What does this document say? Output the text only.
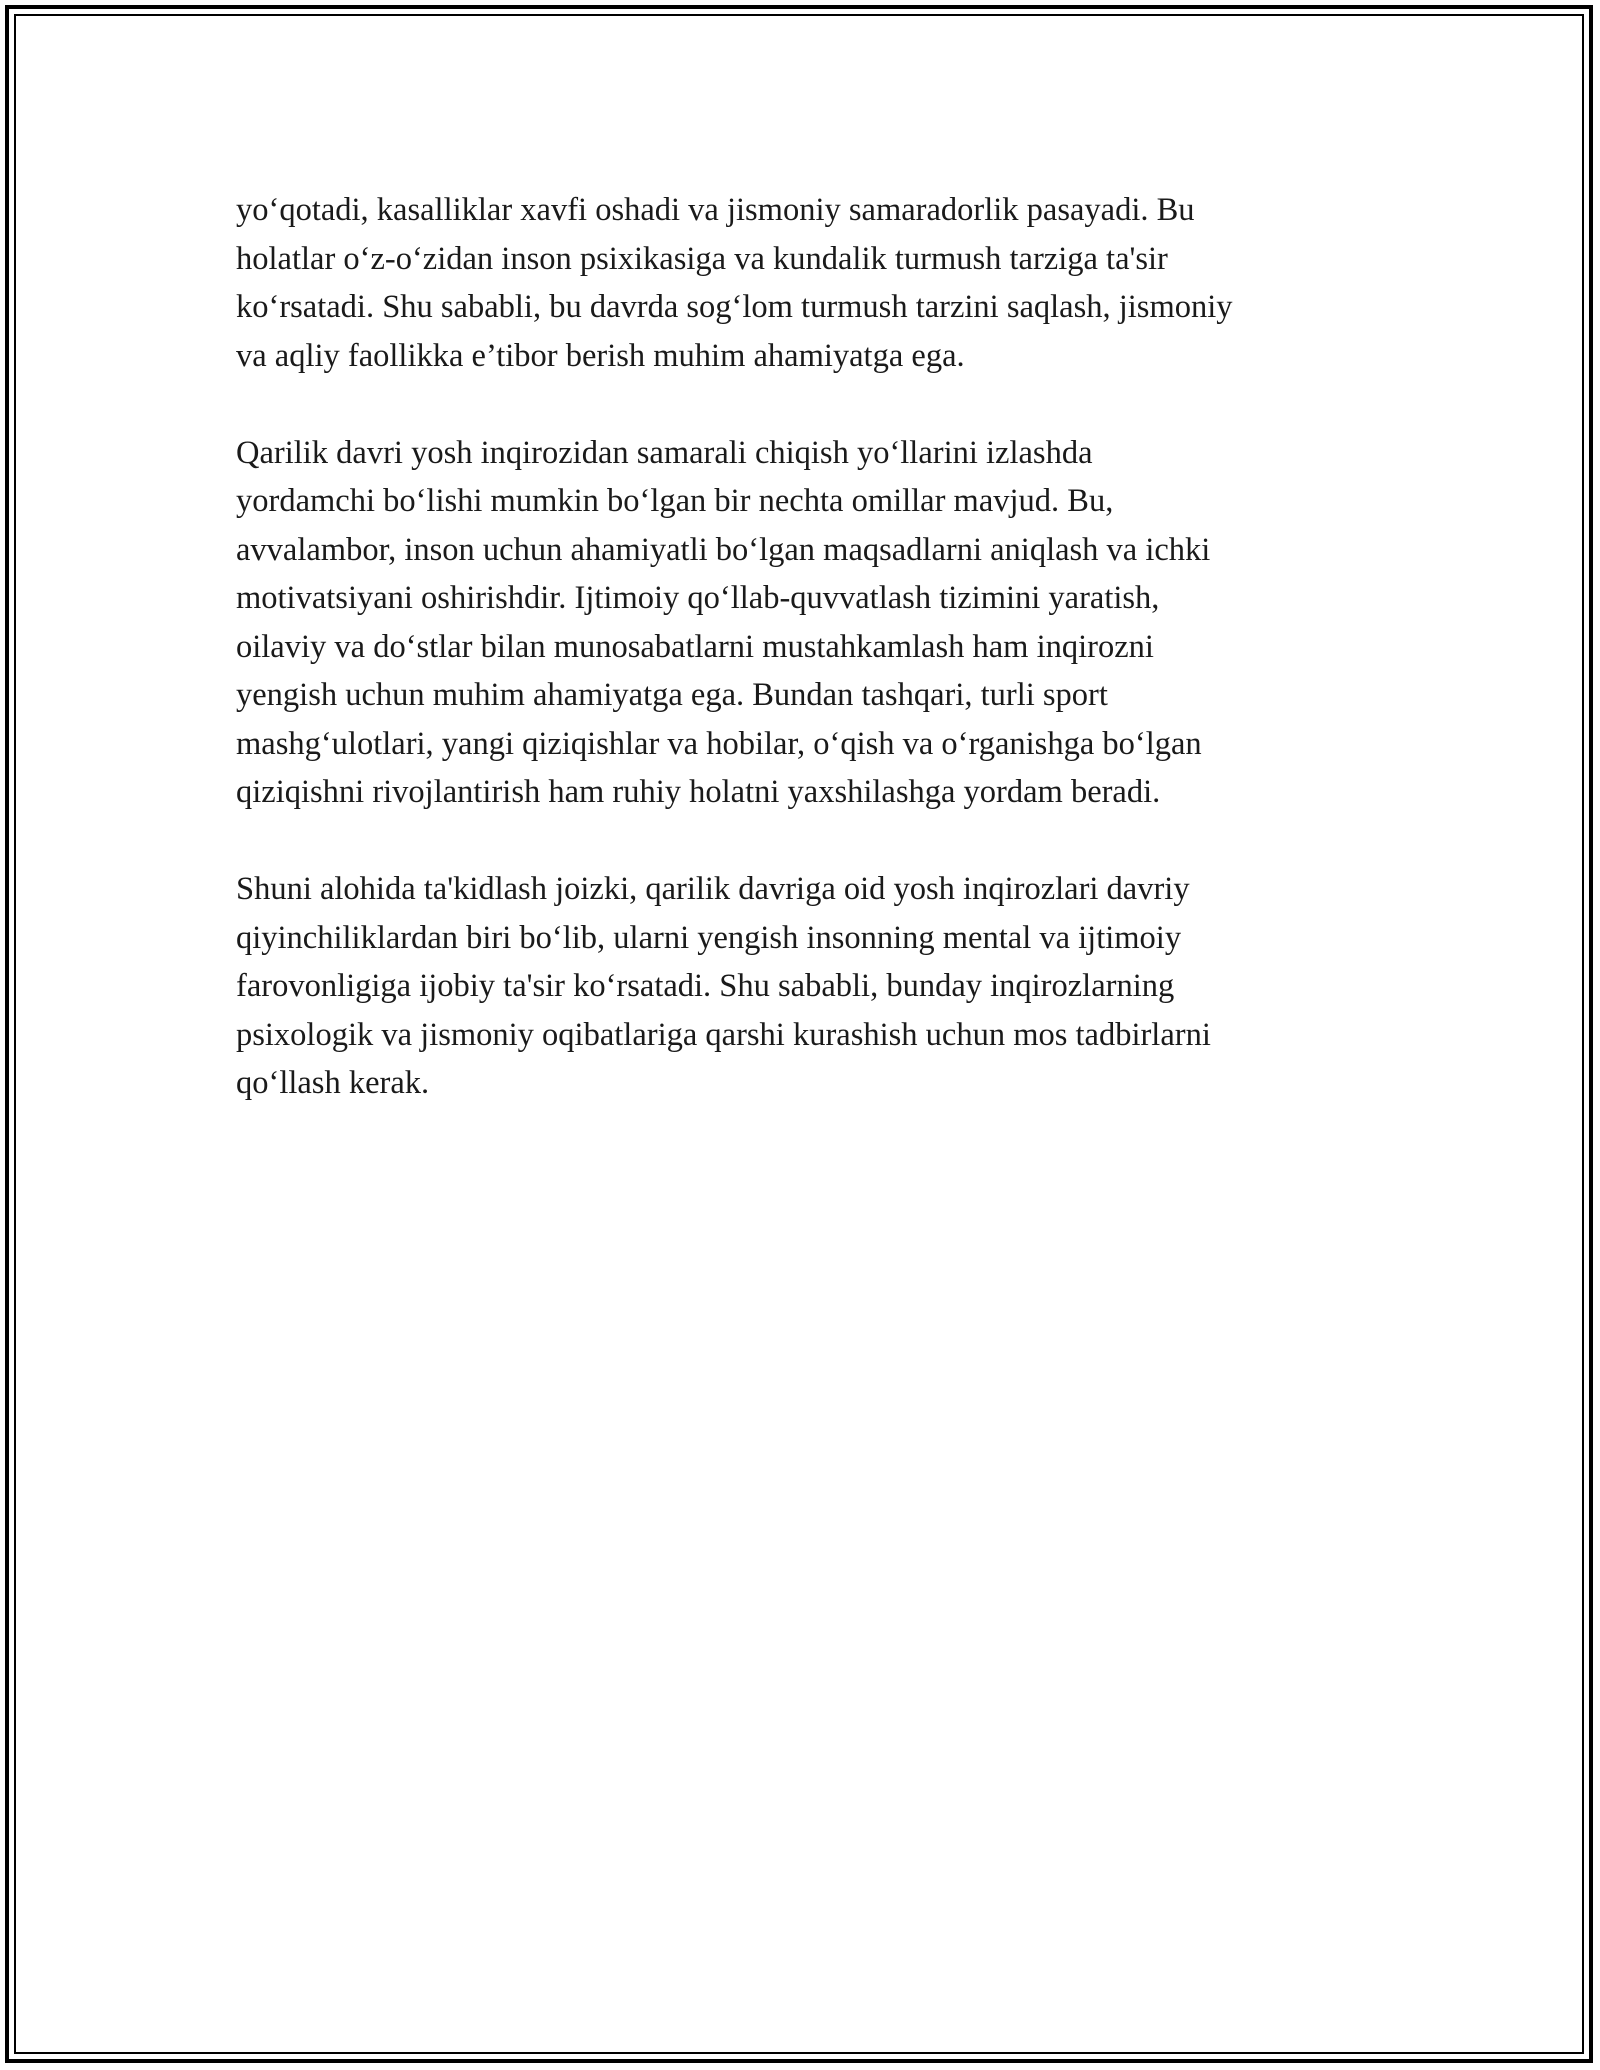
yo‘qotadi, kasalliklar xavfi oshadi va jismoniy samaradorlik pasayadi. Bu
holatlar o‘z-o‘zidan inson psixikasiga va kundalik turmush tarziga ta'sir
ko‘rsatadi. Shu sababli, bu davrda sog‘lom turmush tarzini saqlash, jismoniy
va aqliy faollikka e’tibor berish muhim ahamiyatga ega.

Qarilik davri yosh inqirozidan samarali chiqish yo‘llarini izlashda
yordamchi bo‘lishi mumkin bo‘lgan bir nechta omillar mavjud. Bu,
avvalambor, inson uchun ahamiyatli bo‘lgan maqsadlarni aniqlash va ichki
motivatsiyani oshirishdir. Ijtimoiy qo‘llab-quvvatlash tizimini yaratish,
oilaviy va do‘stlar bilan munosabatlarni mustahkamlash ham inqirozni
yengish uchun muhim ahamiyatga ega. Bundan tashqari, turli sport
mashg‘ulotlari, yangi qiziqishlar va hobilar, o‘qish va o‘rganishga bo‘lgan
qiziqishni rivojlantirish ham ruhiy holatni yaxshilashga yordam beradi.

Shuni alohida ta'kidlash joizki, qarilik davriga oid yosh inqirozlari davriy
qiyinchiliklardan biri bo‘lib, ularni yengish insonning mental va ijtimoiy
farovonligiga ijobiy ta'sir ko‘rsatadi. Shu sababli, bunday inqirozlarning
psixologik va jismoniy oqibatlariga qarshi kurashish uchun mos tadbirlarni
qo‘llash kerak.
